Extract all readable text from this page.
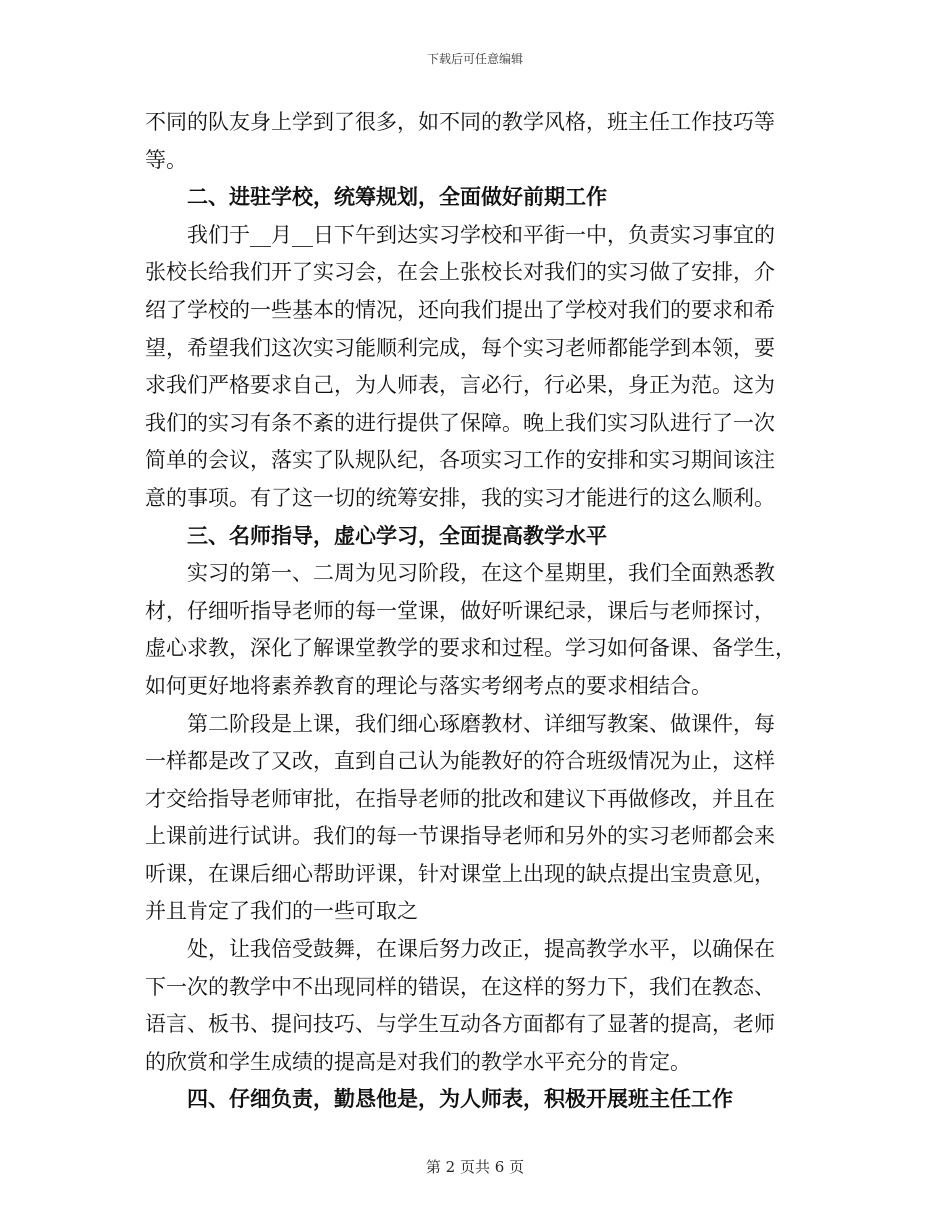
下载后可任意编辑
不同的队友身上学到了很多，如不同的教学风格，班主任工作技巧等
等。
二、进驻学校，统筹规划，全面做好前期工作
我们于__月__日下午到达实习学校和平街一中，负责实习事宜的
张校长给我们开了实习会，在会上张校长对我们的实习做了安排，介
绍了学校的一些基本的情况，还向我们提出了学校对我们的要求和希
望，希望我们这次实习能顺利完成，每个实习老师都能学到本领，要
求我们严格要求自己，为人师表，言必行，行必果，身正为范。这为
我们的实习有条不紊的进行提供了保障。晚上我们实习队进行了一次
简单的会议，落实了队规队纪，各项实习工作的安排和实习期间该注
意的事项。有了这一切的统筹安排，我的实习才能进行的这么顺利。
三、名师指导，虚心学习，全面提高教学水平
实习的第一、二周为见习阶段，在这个星期里，我们全面熟悉教
材，仔细听指导老师的每一堂课，做好听课纪录，课后与老师探讨，
虚心求教，深化了解课堂教学的要求和过程。学习如何备课、备学生，
如何更好地将素养教育的理论与落实考纲考点的要求相结合。
第二阶段是上课，我们细心琢磨教材、详细写教案、做课件，每
一样都是改了又改，直到自己认为能教好的符合班级情况为止，这样
才交给指导老师审批，在指导老师的批改和建议下再做修改，并且在
上课前进行试讲。我们的每一节课指导老师和另外的实习老师都会来
听课，在课后细心帮助评课，针对课堂上出现的缺点提出宝贵意见，
并且肯定了我们的一些可取之
处，让我倍受鼓舞，在课后努力改正，提高教学水平，以确保在
下一次的教学中不出现同样的错误，在这样的努力下，我们在教态、
语言、板书、提问技巧、与学生互动各方面都有了显著的提高，老师
的欣赏和学生成绩的提高是对我们的教学水平充分的肯定。
四、仔细负责，勤恳他是，为人师表，积极开展班主任工作
第 2 页共 6 页
